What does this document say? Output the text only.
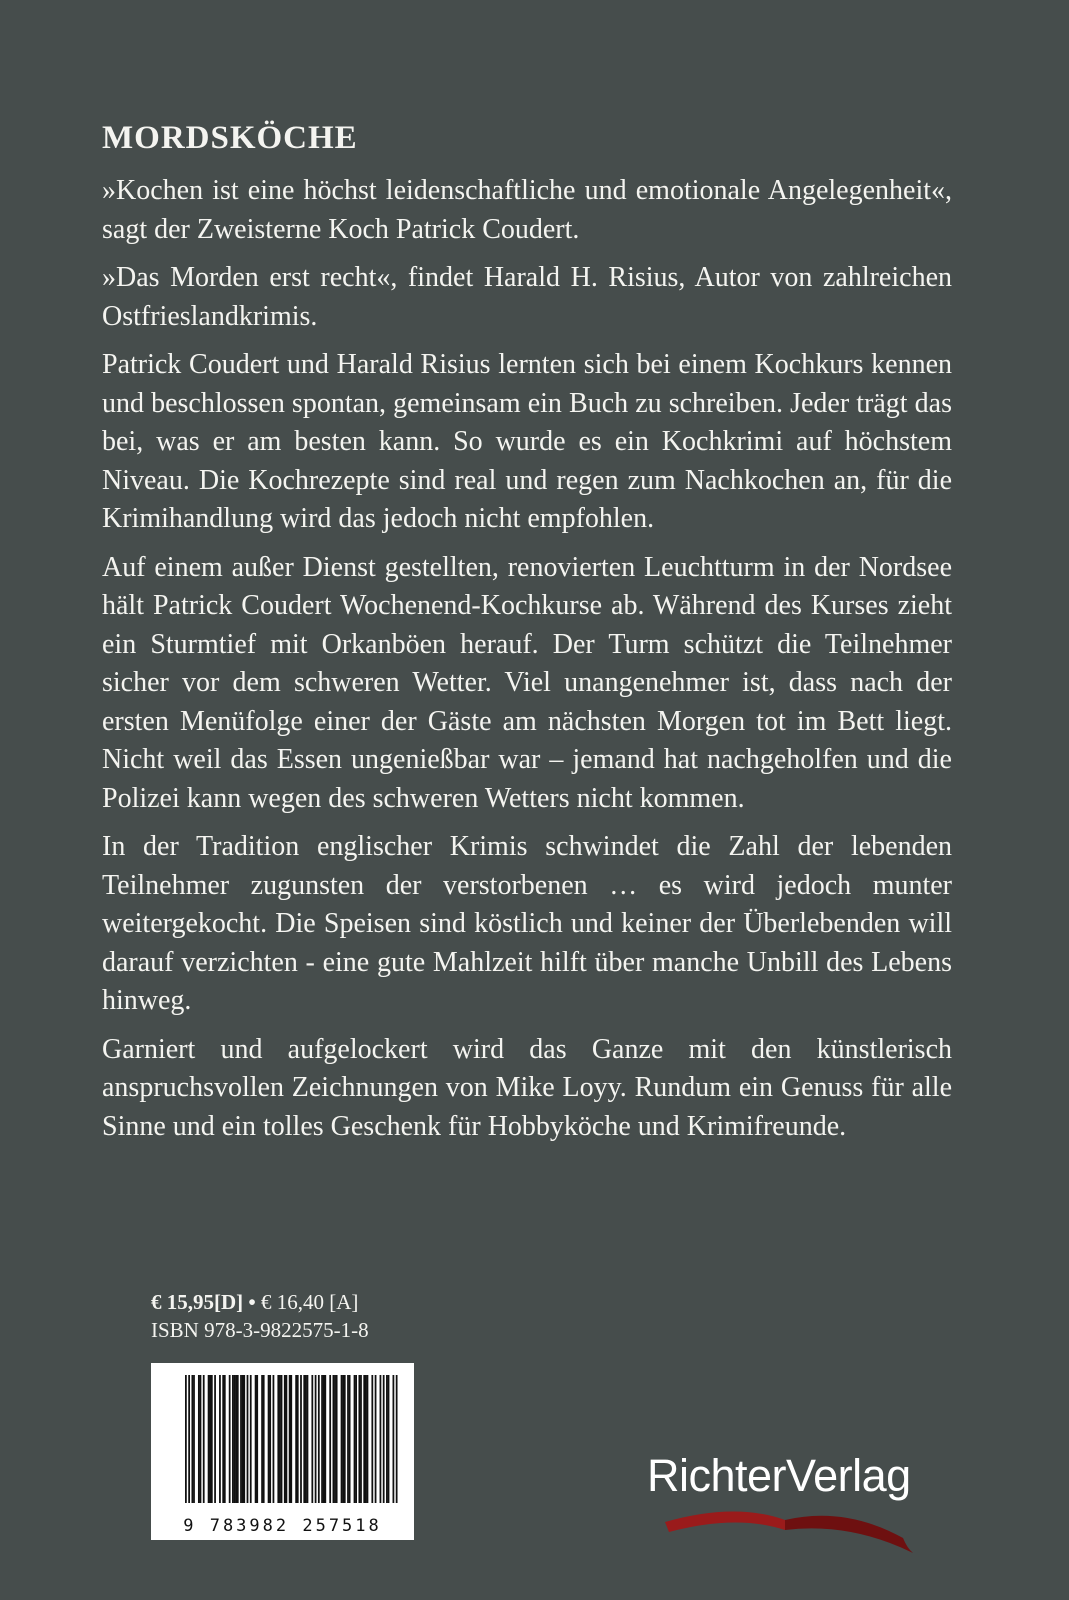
MORDSKÖCHE

»Kochen ist eine höchst leidenschaftliche und emotionale Angelegenheit«, sagt der Zweisterne Koch Patrick Coudert.

»Das Morden erst recht«, findet Harald H. Risius, Autor von zahlreichen Ostfrieslandkrimis.

Patrick Coudert und Harald Risius lernten sich bei einem Kochkurs kennen und beschlossen spontan, gemeinsam ein Buch zu schreiben. Jeder trägt das bei, was er am besten kann. So wurde es ein Kochkrimi auf höchstem Niveau. Die Kochrezepte sind real und regen zum Nachkochen an, für die Krimihandlung wird das jedoch nicht empfohlen.

Auf einem außer Dienst gestellten, renovierten Leuchtturm in der Nordsee hält Patrick Coudert Wochenend-Kochkurse ab. Während des Kurses zieht ein Sturmtief mit Orkanböen herauf. Der Turm schützt die Teilnehmer sicher vor dem schweren Wetter. Viel unangenehmer ist, dass nach der ersten Menüfolge einer der Gäste am nächsten Morgen tot im Bett liegt. Nicht weil das Essen ungenießbar war – jemand hat nachgeholfen und die Polizei kann wegen des schweren Wetters nicht kommen.

In der Tradition englischer Krimis schwindet die Zahl der lebenden Teilnehmer zugunsten der verstorbenen … es wird jedoch munter weitergekocht. Die Speisen sind köstlich und keiner der Überlebenden will darauf verzichten - eine gute Mahlzeit hilft über manche Unbill des Lebens hinweg.

Garniert und aufgelockert wird das Ganze mit den künstlerisch anspruchsvollen Zeichnungen von Mike Loyy. Rundum ein Genuss für alle Sinne und ein tolles Geschenk für Hobbyköche und Krimifreunde.

€ 15,95[D] • € 16,40 [A]
ISBN 978-3-9822575-1-8
9 783982 257518
RichterVerlag
